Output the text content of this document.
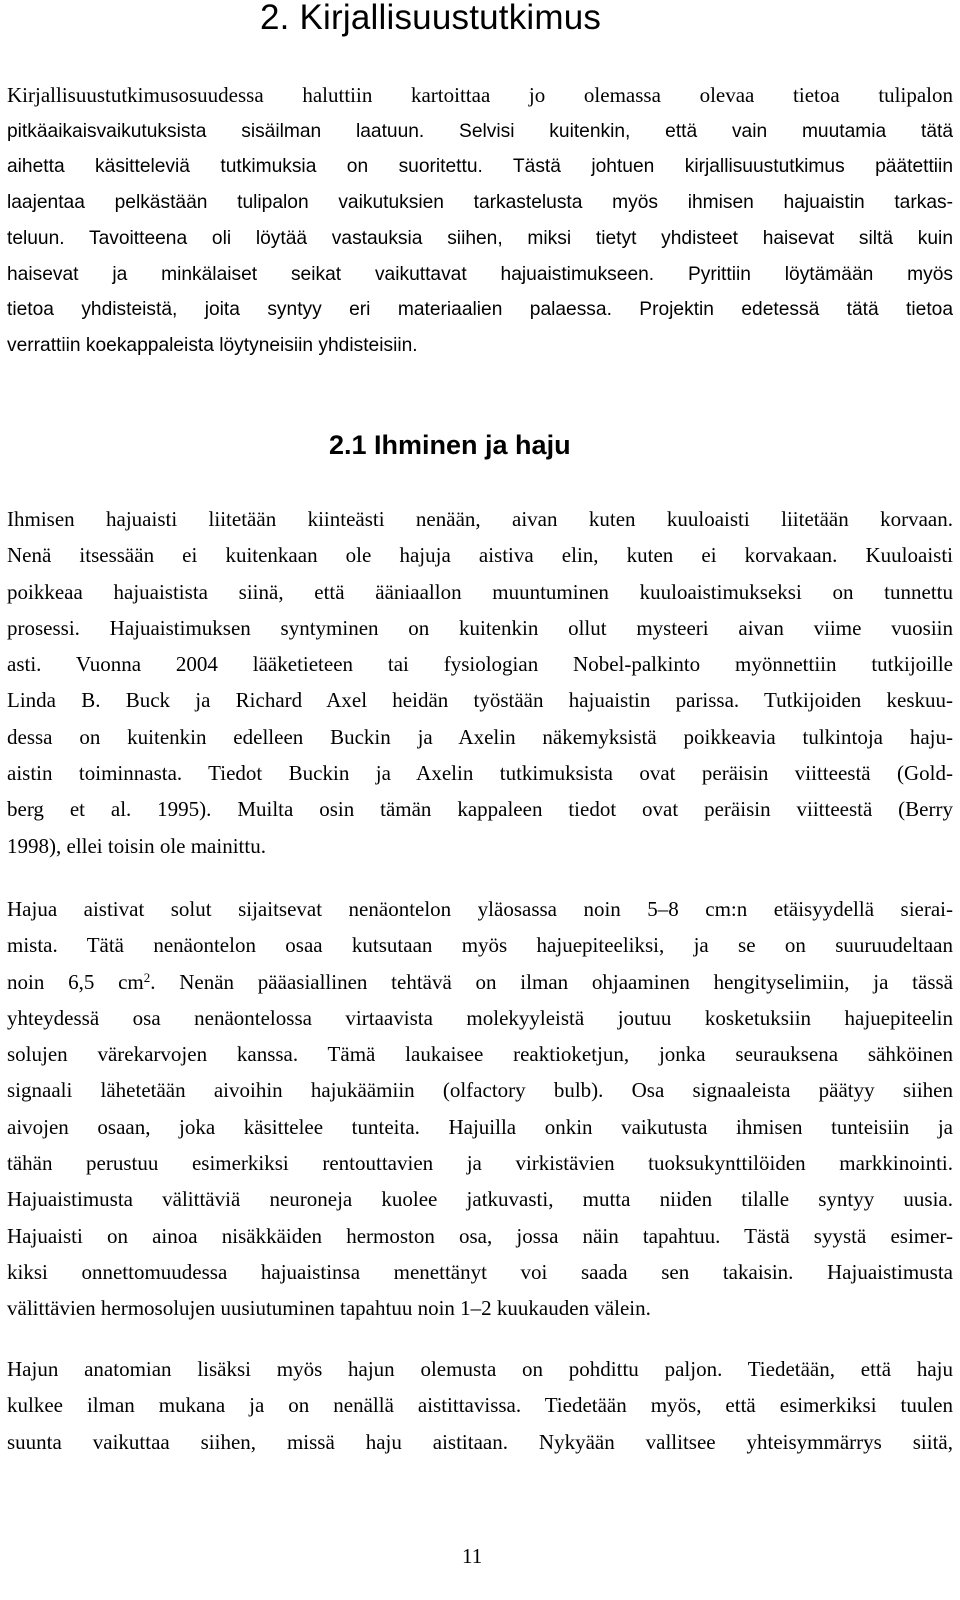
2. Kirjallisuustutkimus
Kirjallisuustutkimusosuudessa haluttiin kartoittaa jo olemassa olevaa tietoa tulipalon
pitkäaikaisvaikutuksista sisäilman laatuun. Selvisi kuitenkin, että vain muutamia tätä
aihetta käsitteleviä tutkimuksia on suoritettu. Tästä johtuen kirjallisuustutkimus päätettiin
laajentaa pelkästään tulipalon vaikutuksien tarkastelusta myös ihmisen hajuaistin tarkas-
teluun. Tavoitteena oli löytää vastauksia siihen, miksi tietyt yhdisteet haisevat siltä kuin
haisevat ja minkälaiset seikat vaikuttavat hajuaistimukseen. Pyrittiin löytämään myös
tietoa yhdisteistä, joita syntyy eri materiaalien palaessa. Projektin edetessä tätä tietoa
verrattiin koekappaleista löytyneisiin yhdisteisiin.
2.1 Ihminen ja haju
Ihmisen hajuaisti liitetään kiinteästi nenään, aivan kuten kuuloaisti liitetään korvaan.
Nenä itsessään ei kuitenkaan ole hajuja aistiva elin, kuten ei korvakaan. Kuuloaisti
poikkeaa hajuaistista siinä, että ääniaallon muuntuminen kuuloaistimukseksi on tunnettu
prosessi. Hajuaistimuksen syntyminen on kuitenkin ollut mysteeri aivan viime vuosiin
asti. Vuonna 2004 lääketieteen tai fysiologian Nobel-palkinto myönnettiin tutkijoille
Linda B. Buck ja Richard Axel heidän työstään hajuaistin parissa. Tutkijoiden keskuu-
dessa on kuitenkin edelleen Buckin ja Axelin näkemyksistä poikkeavia tulkintoja haju-
aistin toiminnasta. Tiedot Buckin ja Axelin tutkimuksista ovat peräisin viitteestä (Gold-
berg et al. 1995). Muilta osin tämän kappaleen tiedot ovat peräisin viitteestä (Berry
1998), ellei toisin ole mainittu.
Hajua aistivat solut sijaitsevat nenäontelon yläosassa noin 5–8 cm:n etäisyydellä sierai-
mista. Tätä nenäontelon osaa kutsutaan myös hajuepiteeliksi, ja se on suuruudeltaan
noin 6,5 $cm^2$. Nenän pääasiallinen tehtävä on ilman ohjaaminen hengityselimiin, ja tässä
yhteydessä osa nenäontelossa virtaavista molekyyleistä joutuu kosketuksiin hajuepiteelin
solujen värekarvojen kanssa. Tämä laukaisee reaktioketjun, jonka seurauksena sähköinen
signaali lähetetään aivoihin hajukäämiin (olfactory bulb). Osa signaaleista päätyy siihen
aivojen osaan, joka käsittelee tunteita. Hajuilla onkin vaikutusta ihmisen tunteisiin ja
tähän perustuu esimerkiksi rentouttavien ja virkistävien tuoksukynttilöiden markkinointi.
Hajuaistimusta välittäviä neuroneja kuolee jatkuvasti, mutta niiden tilalle syntyy uusia.
Hajuaisti on ainoa nisäkkäiden hermoston osa, jossa näin tapahtuu. Tästä syystä esimer-
kiksi onnettomuudessa hajuaistinsa menettänyt voi saada sen takaisin. Hajuaistimusta
välittävien hermosolujen uusiutuminen tapahtuu noin 1–2 kuukauden välein.
Hajun anatomian lisäksi myös hajun olemusta on pohdittu paljon. Tiedetään, että haju
kulkee ilman mukana ja on nenällä aistittavissa. Tiedetään myös, että esimerkiksi tuulen
suunta vaikuttaa siihen, missä haju aistitaan. Nykyään vallitsee yhteisymmärrys siitä,

11
